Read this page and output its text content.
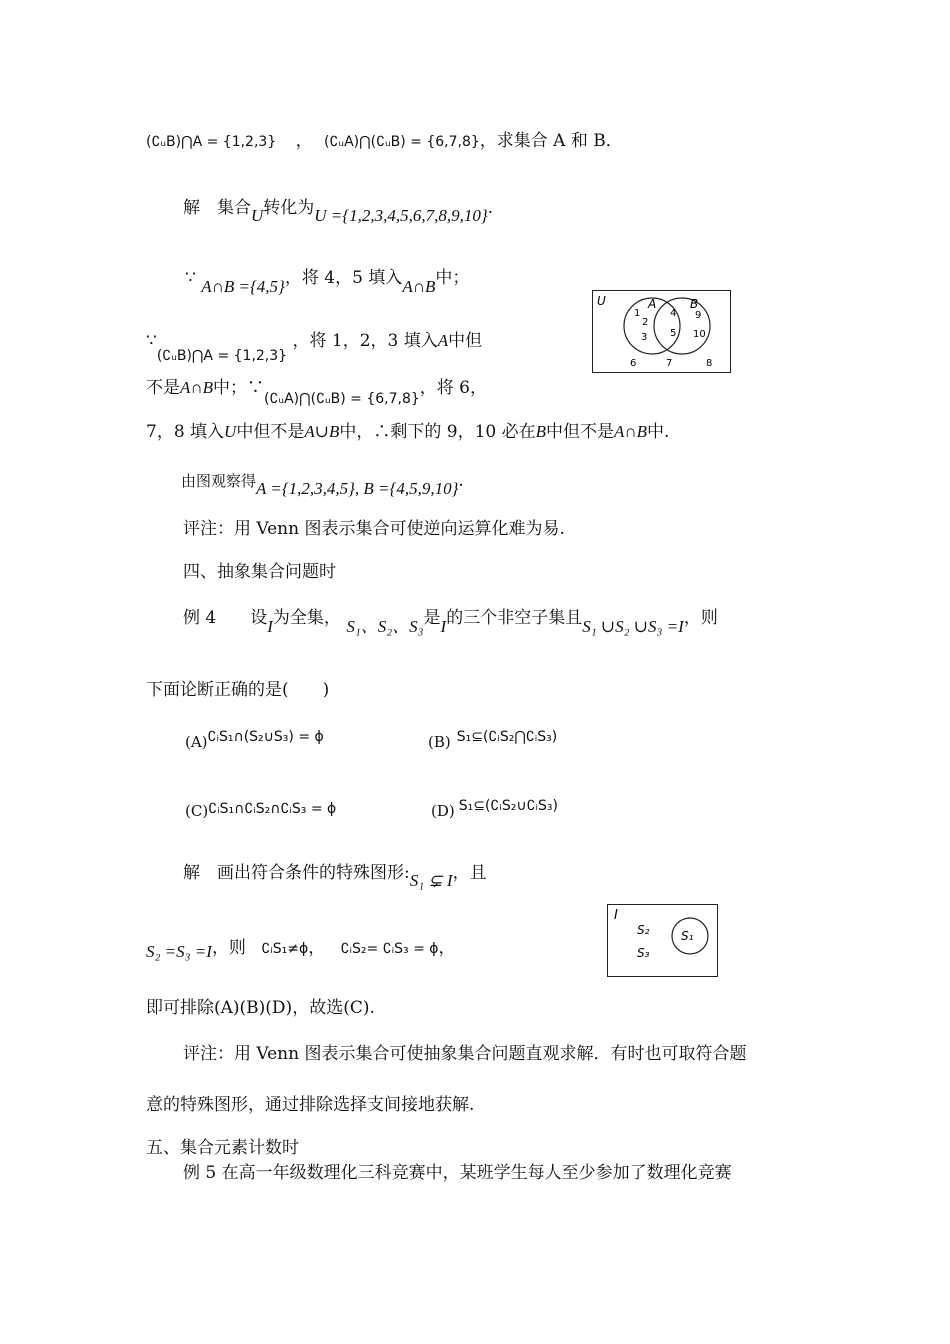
(∁ᵤB)⋂A = {1,2,3} ， (∁ᵤA)⋂(∁ᵤB) = {6,7,8}，求集合 A 和 B．
解　集合U转化为U ={1,2,3,4,5,6,7,8,9,10}.
∵ A∩B ={4,5}，将 4，5 填入A∩B中；
$\because_{(∁ᵤB)⋂A = \{1,2,3\}}$ ，将 1，2，3 填入A中但
不是A∩B中；$\because_{(∁ᵤA)⋂(∁ᵤB) = \{6,7,8\}}$，将 6，
7，8 填入U中但不是A∪B中，∴剩下的 9，10 必在B中但不是A∩B中.
由图观察得A ={1,2,3,4,5}, B ={4,5,9,10}.
评注：用 Venn 图表示集合可使逆向运算化难为易.
四、抽象集合问题时
例 4　　设I为全集， S₁、S₂、S₃是I的三个非空子集且S₁ ∪S₂ ∪S₃ =I，则
下面论断正确的是(　　)
$(A)^{∁ᵢS_1\cap(S_2\cup S_3) = \phi}$	(B) $^{S_1⊆(∁ᵢS_2⋂∁ᵢS_3)}$
(C)∁ᵢS₁∩∁ᵢS₂∩∁ᵢS₃ = ϕ	(D) $^{S_1⊆(∁ᵢS_2\cup∁ᵢS_3)}$
解　画出符合条件的特殊图形:S₁ ⊊ I，且
S₂ =S₃ =I，则 ∁ᵢS₁≠ϕ， ∁ᵢS₂= ∁ᵢS₃ = ϕ，
即可排除(A)(B)(D)，故选(C).
评注：用 Venn 图表示集合可使抽象集合问题直观求解．有时也可取符合题
意的特殊图形，通过排除选择支间接地获解.
五、集合元素计数时
例 5 在高一年级数理化三科竞赛中，某班学生每人至少参加了数理化竞赛
U	A	B
1
2
3
4
5
9
10
6	7	8
I
S₂
S₃
S₁
